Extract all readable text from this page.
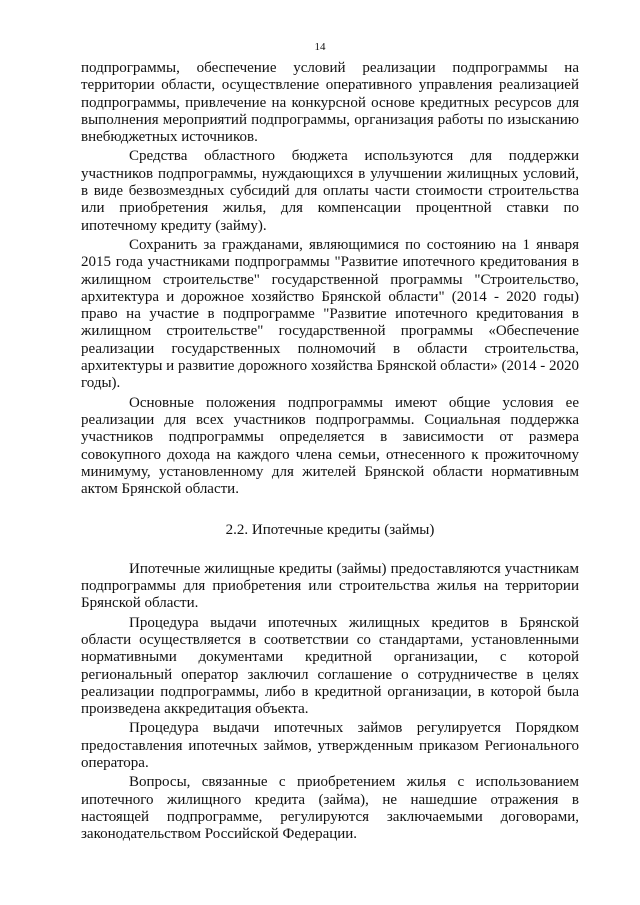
14

подпрограммы, обеспечение условий реализации подпрограммы на территории области, осуществление оперативного управления реализацией подпрограммы, привлечение на конкурсной основе кредитных ресурсов для выполнения мероприятий подпрограммы, организация работы по изысканию внебюджетных источников.

Средства областного бюджета используются для поддержки участников подпрограммы, нуждающихся в улучшении жилищных условий, в виде безвозмездных субсидий для оплаты части стоимости строительства или приобретения жилья, для компенсации процентной ставки по ипотечному кредиту (займу).

Сохранить за гражданами, являющимися по состоянию на 1 января 2015 года участниками подпрограммы "Развитие ипотечного кредитования в жилищном строительстве" государственной программы "Строительство, архитектура и дорожное хозяйство Брянской области" (2014 - 2020 годы) право на участие в подпрограмме "Развитие ипотечного кредитования в жилищном строительстве" государственной программы «Обеспечение реализации государственных полномочий в области строительства, архитектуры и развитие дорожного хозяйства Брянской области» (2014 - 2020 годы).

Основные положения подпрограммы имеют общие условия ее реализации для всех участников подпрограммы. Социальная поддержка участников подпрограммы определяется в зависимости от размера совокупного дохода на каждого члена семьи, отнесенного к прожиточному минимуму, установленному для жителей Брянской области нормативным актом Брянской области.

2.2. Ипотечные кредиты (займы)

Ипотечные жилищные кредиты (займы) предоставляются участникам подпрограммы для приобретения или строительства жилья на территории Брянской области.

Процедура выдачи ипотечных жилищных кредитов в Брянской области осуществляется в соответствии со стандартами, установленными нормативными документами кредитной организации, с которой региональный оператор заключил соглашение о сотрудничестве в целях реализации подпрограммы, либо в кредитной организации, в которой была произведена аккредитация объекта.

Процедура выдачи ипотечных займов регулируется Порядком предоставления ипотечных займов, утвержденным приказом Регионального оператора.

Вопросы, связанные с приобретением жилья с использованием ипотечного жилищного кредита (займа), не нашедшие отражения в настоящей подпрограмме, регулируются заключаемыми договорами, законодательством Российской Федерации.
